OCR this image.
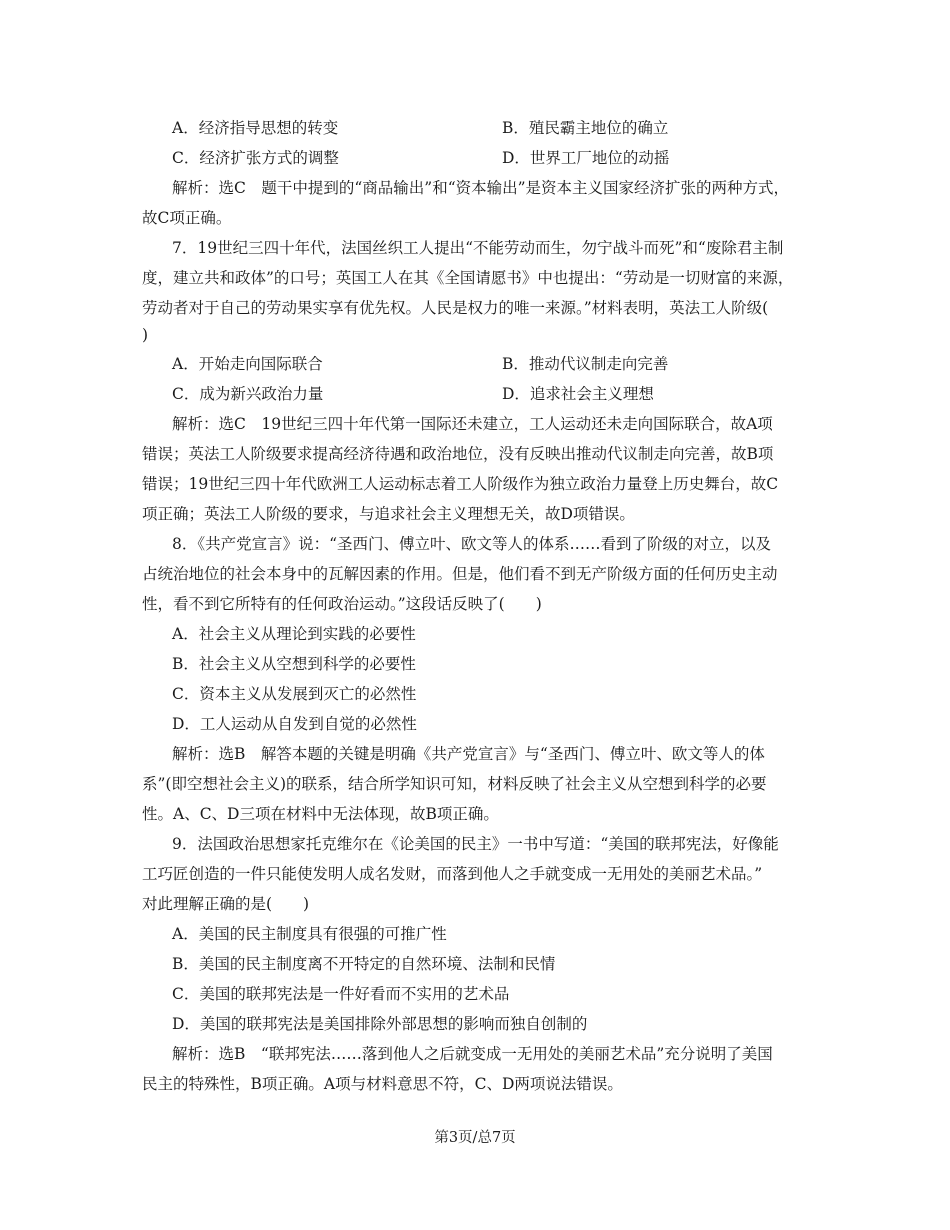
A．经济指导思想的转变	B．殖民霸主地位的确立
C．经济扩张方式的调整	D．世界工厂地位的动摇
解析：选C　题干中提到的“商品输出”和“资本输出”是资本主义国家经济扩张的两种方式，
故C项正确。
7．19世纪三四十年代，法国丝织工人提出“不能劳动而生，勿宁战斗而死”和“废除君主制
度，建立共和政体”的口号；英国工人在其《全国请愿书》中也提出：“劳动是一切财富的来源，
劳动者对于自己的劳动果实享有优先权。人民是权力的唯一来源。”材料表明，英法工人阶级(
)
A．开始走向国际联合	B．推动代议制走向完善
C．成为新兴政治力量	D．追求社会主义理想
解析：选C　19世纪三四十年代第一国际还未建立，工人运动还未走向国际联合，故A项
错误；英法工人阶级要求提高经济待遇和政治地位，没有反映出推动代议制走向完善，故B项
错误；19世纪三四十年代欧洲工人运动标志着工人阶级作为独立政治力量登上历史舞台，故C
项正确；英法工人阶级的要求，与追求社会主义理想无关，故D项错误。
8．《共产党宣言》说：“圣西门、傅立叶、欧文等人的体系……看到了阶级的对立，以及
占统治地位的社会本身中的瓦解因素的作用。但是，他们看不到无产阶级方面的任何历史主动
性，看不到它所特有的任何政治运动。”这段话反映了(　　)
A．社会主义从理论到实践的必要性
B．社会主义从空想到科学的必要性
C．资本主义从发展到灭亡的必然性
D．工人运动从自发到自觉的必然性
解析：选B　解答本题的关键是明确《共产党宣言》与“圣西门、傅立叶、欧文等人的体
系”(即空想社会主义)的联系，结合所学知识可知，材料反映了社会主义从空想到科学的必要
性。A、C、D三项在材料中无法体现，故B项正确。
9．法国政治思想家托克维尔在《论美国的民主》一书中写道：“美国的联邦宪法，好像能
工巧匠创造的一件只能使发明人成名发财，而落到他人之手就变成一无用处的美丽艺术品。”
对此理解正确的是(　　)
A．美国的民主制度具有很强的可推广性
B．美国的民主制度离不开特定的自然环境、法制和民情
C．美国的联邦宪法是一件好看而不实用的艺术品
D．美国的联邦宪法是美国排除外部思想的影响而独自创制的
解析：选B　“联邦宪法……落到他人之后就变成一无用处的美丽艺术品”充分说明了美国
民主的特殊性，B项正确。A项与材料意思不符，C、D两项说法错误。
第3页/总7页
